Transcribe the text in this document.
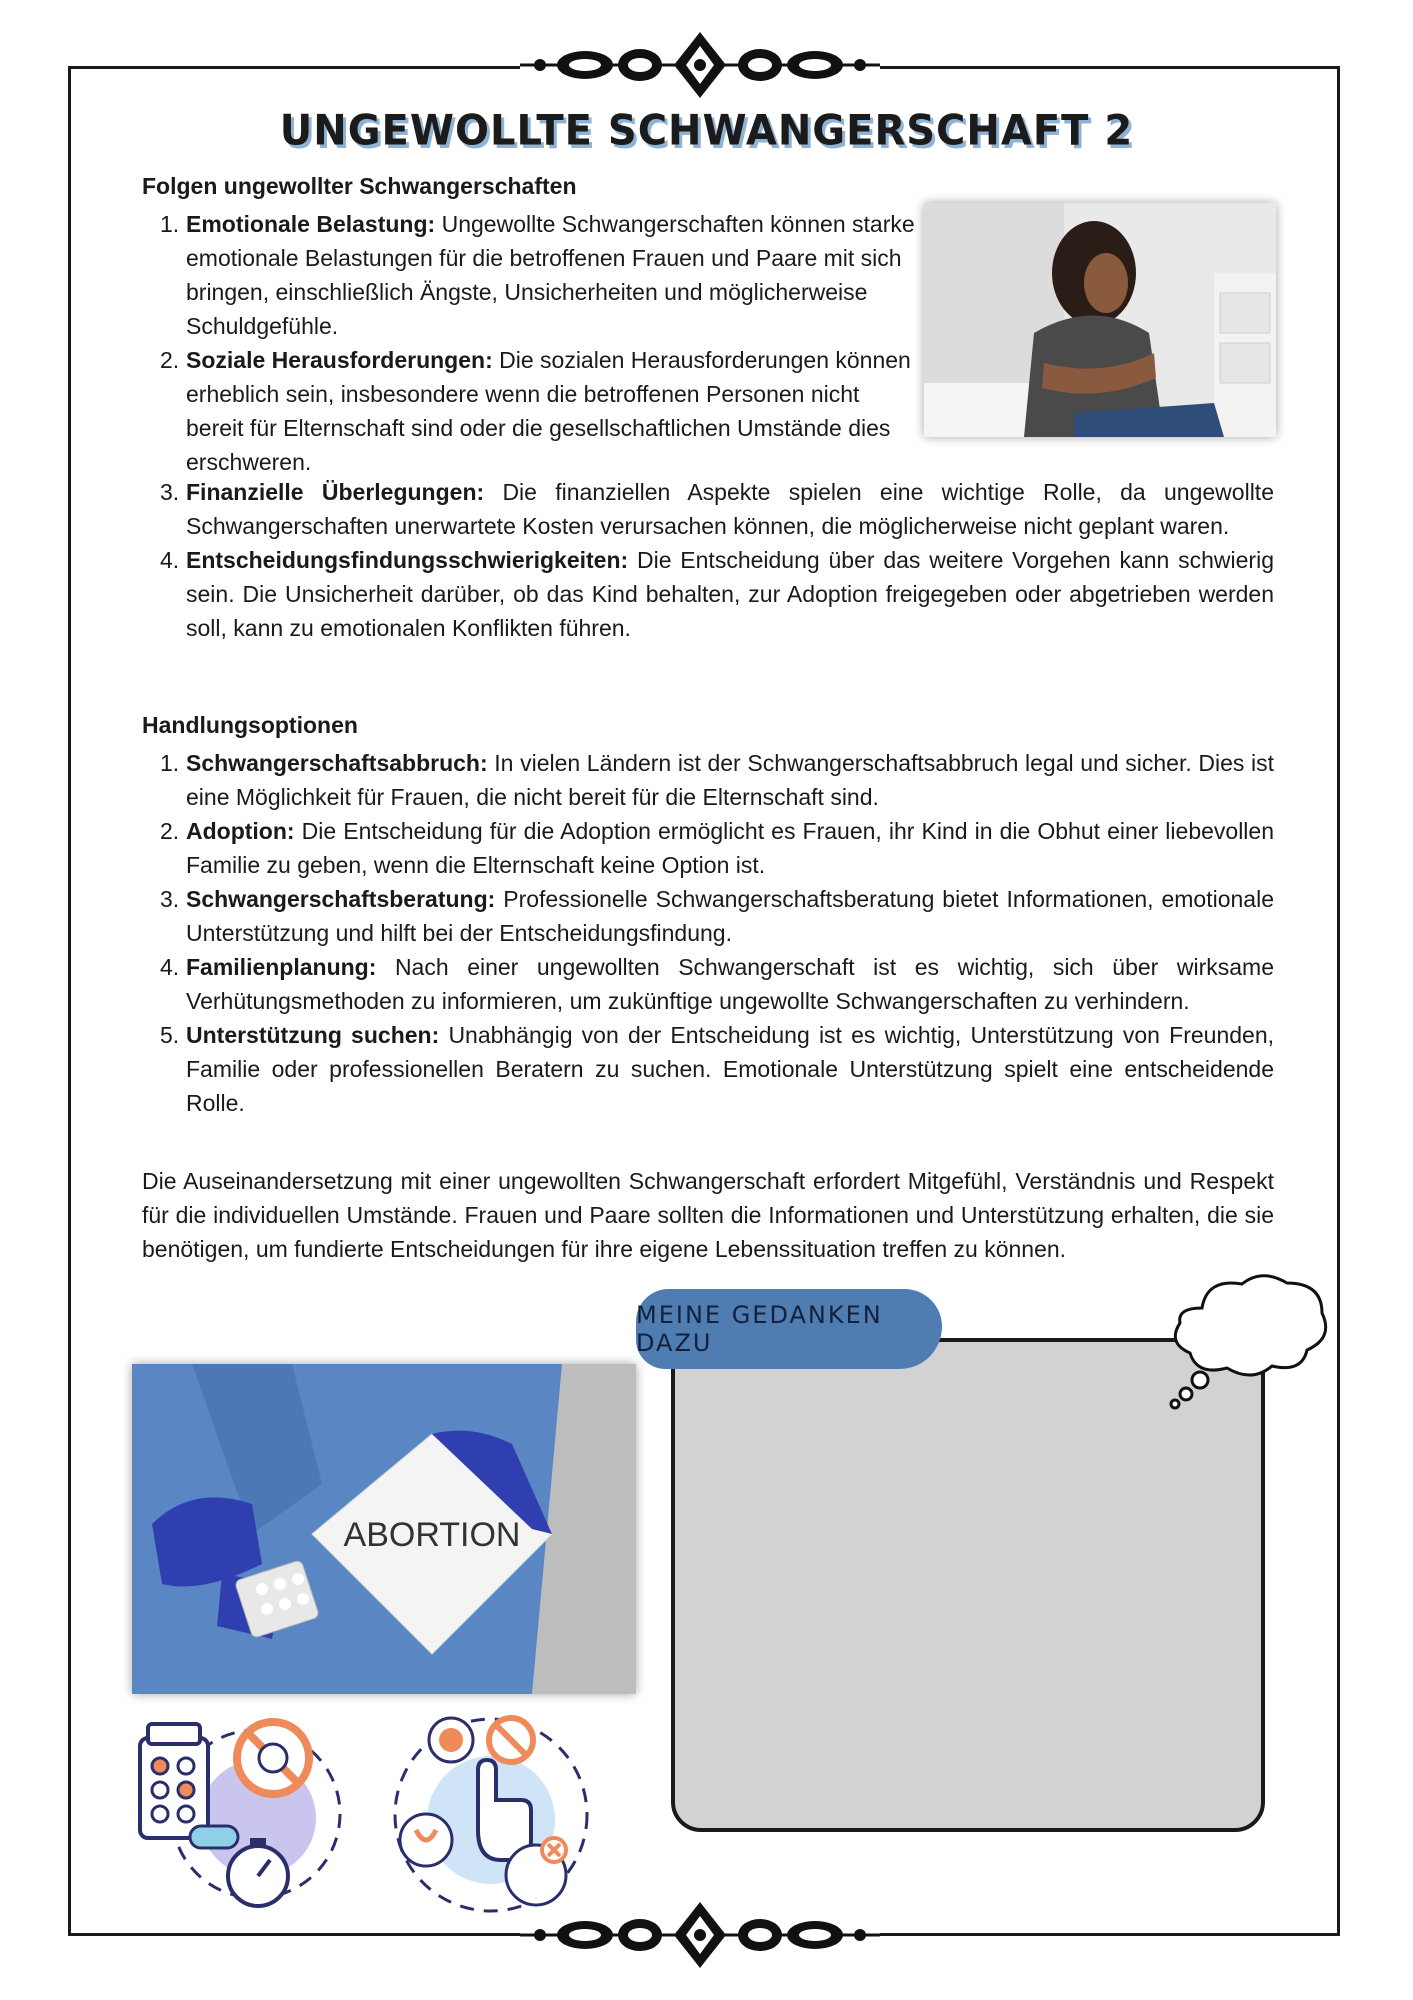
UNGEWOLLTE SCHWANGERSCHAFT 2
Folgen ungewollter Schwangerschaften
1. Emotionale Belastung: Ungewollte Schwangerschaften können starke emotionale Belastungen für die betroffenen Frauen und Paare mit sich bringen, einschließlich Ängste, Unsicherheiten und möglicherweise Schuldgefühle.
2. Soziale Herausforderungen: Die sozialen Herausforderungen können erheblich sein, insbesondere wenn die betroffenen Personen nicht bereit für Elternschaft sind oder die gesellschaftlichen Umstände dies erschweren.
3. Finanzielle Überlegungen: Die finanziellen Aspekte spielen eine wichtige Rolle, da ungewollte Schwangerschaften unerwartete Kosten verursachen können, die möglicherweise nicht geplant waren.
4. Entscheidungsfindungsschwierigkeiten: Die Entscheidung über das weitere Vorgehen kann schwierig sein. Die Unsicherheit darüber, ob das Kind behalten, zur Adoption freigegeben oder abgetrieben werden soll, kann zu emotionalen Konflikten führen.
Handlungsoptionen
1. Schwangerschaftsabbruch: In vielen Ländern ist der Schwangerschaftsabbruch legal und sicher. Dies ist eine Möglichkeit für Frauen, die nicht bereit für die Elternschaft sind.
2. Adoption: Die Entscheidung für die Adoption ermöglicht es Frauen, ihr Kind in die Obhut einer liebevollen Familie zu geben, wenn die Elternschaft keine Option ist.
3. Schwangerschaftsberatung: Professionelle Schwangerschaftsberatung bietet Informationen, emotionale Unterstützung und hilft bei der Entscheidungsfindung.
4. Familienplanung: Nach einer ungewollten Schwangerschaft ist es wichtig, sich über wirksame Verhütungsmethoden zu informieren, um zukünftige ungewollte Schwangerschaften zu verhindern.
5. Unterstützung suchen: Unabhängig von der Entscheidung ist es wichtig, Unterstützung von Freunden, Familie oder professionellen Beratern zu suchen. Emotionale Unterstützung spielt eine entscheidende Rolle.

Die Auseinandersetzung mit einer ungewollten Schwangerschaft erfordert Mitgefühl, Verständnis und Respekt für die individuellen Umstände. Frauen und Paare sollten die Informationen und Unterstützung erhalten, die sie benötigen, um fundierte Entscheidungen für ihre eigene Lebenssituation treffen zu können.

ABORTION
MEINE GEDANKEN DAZU
